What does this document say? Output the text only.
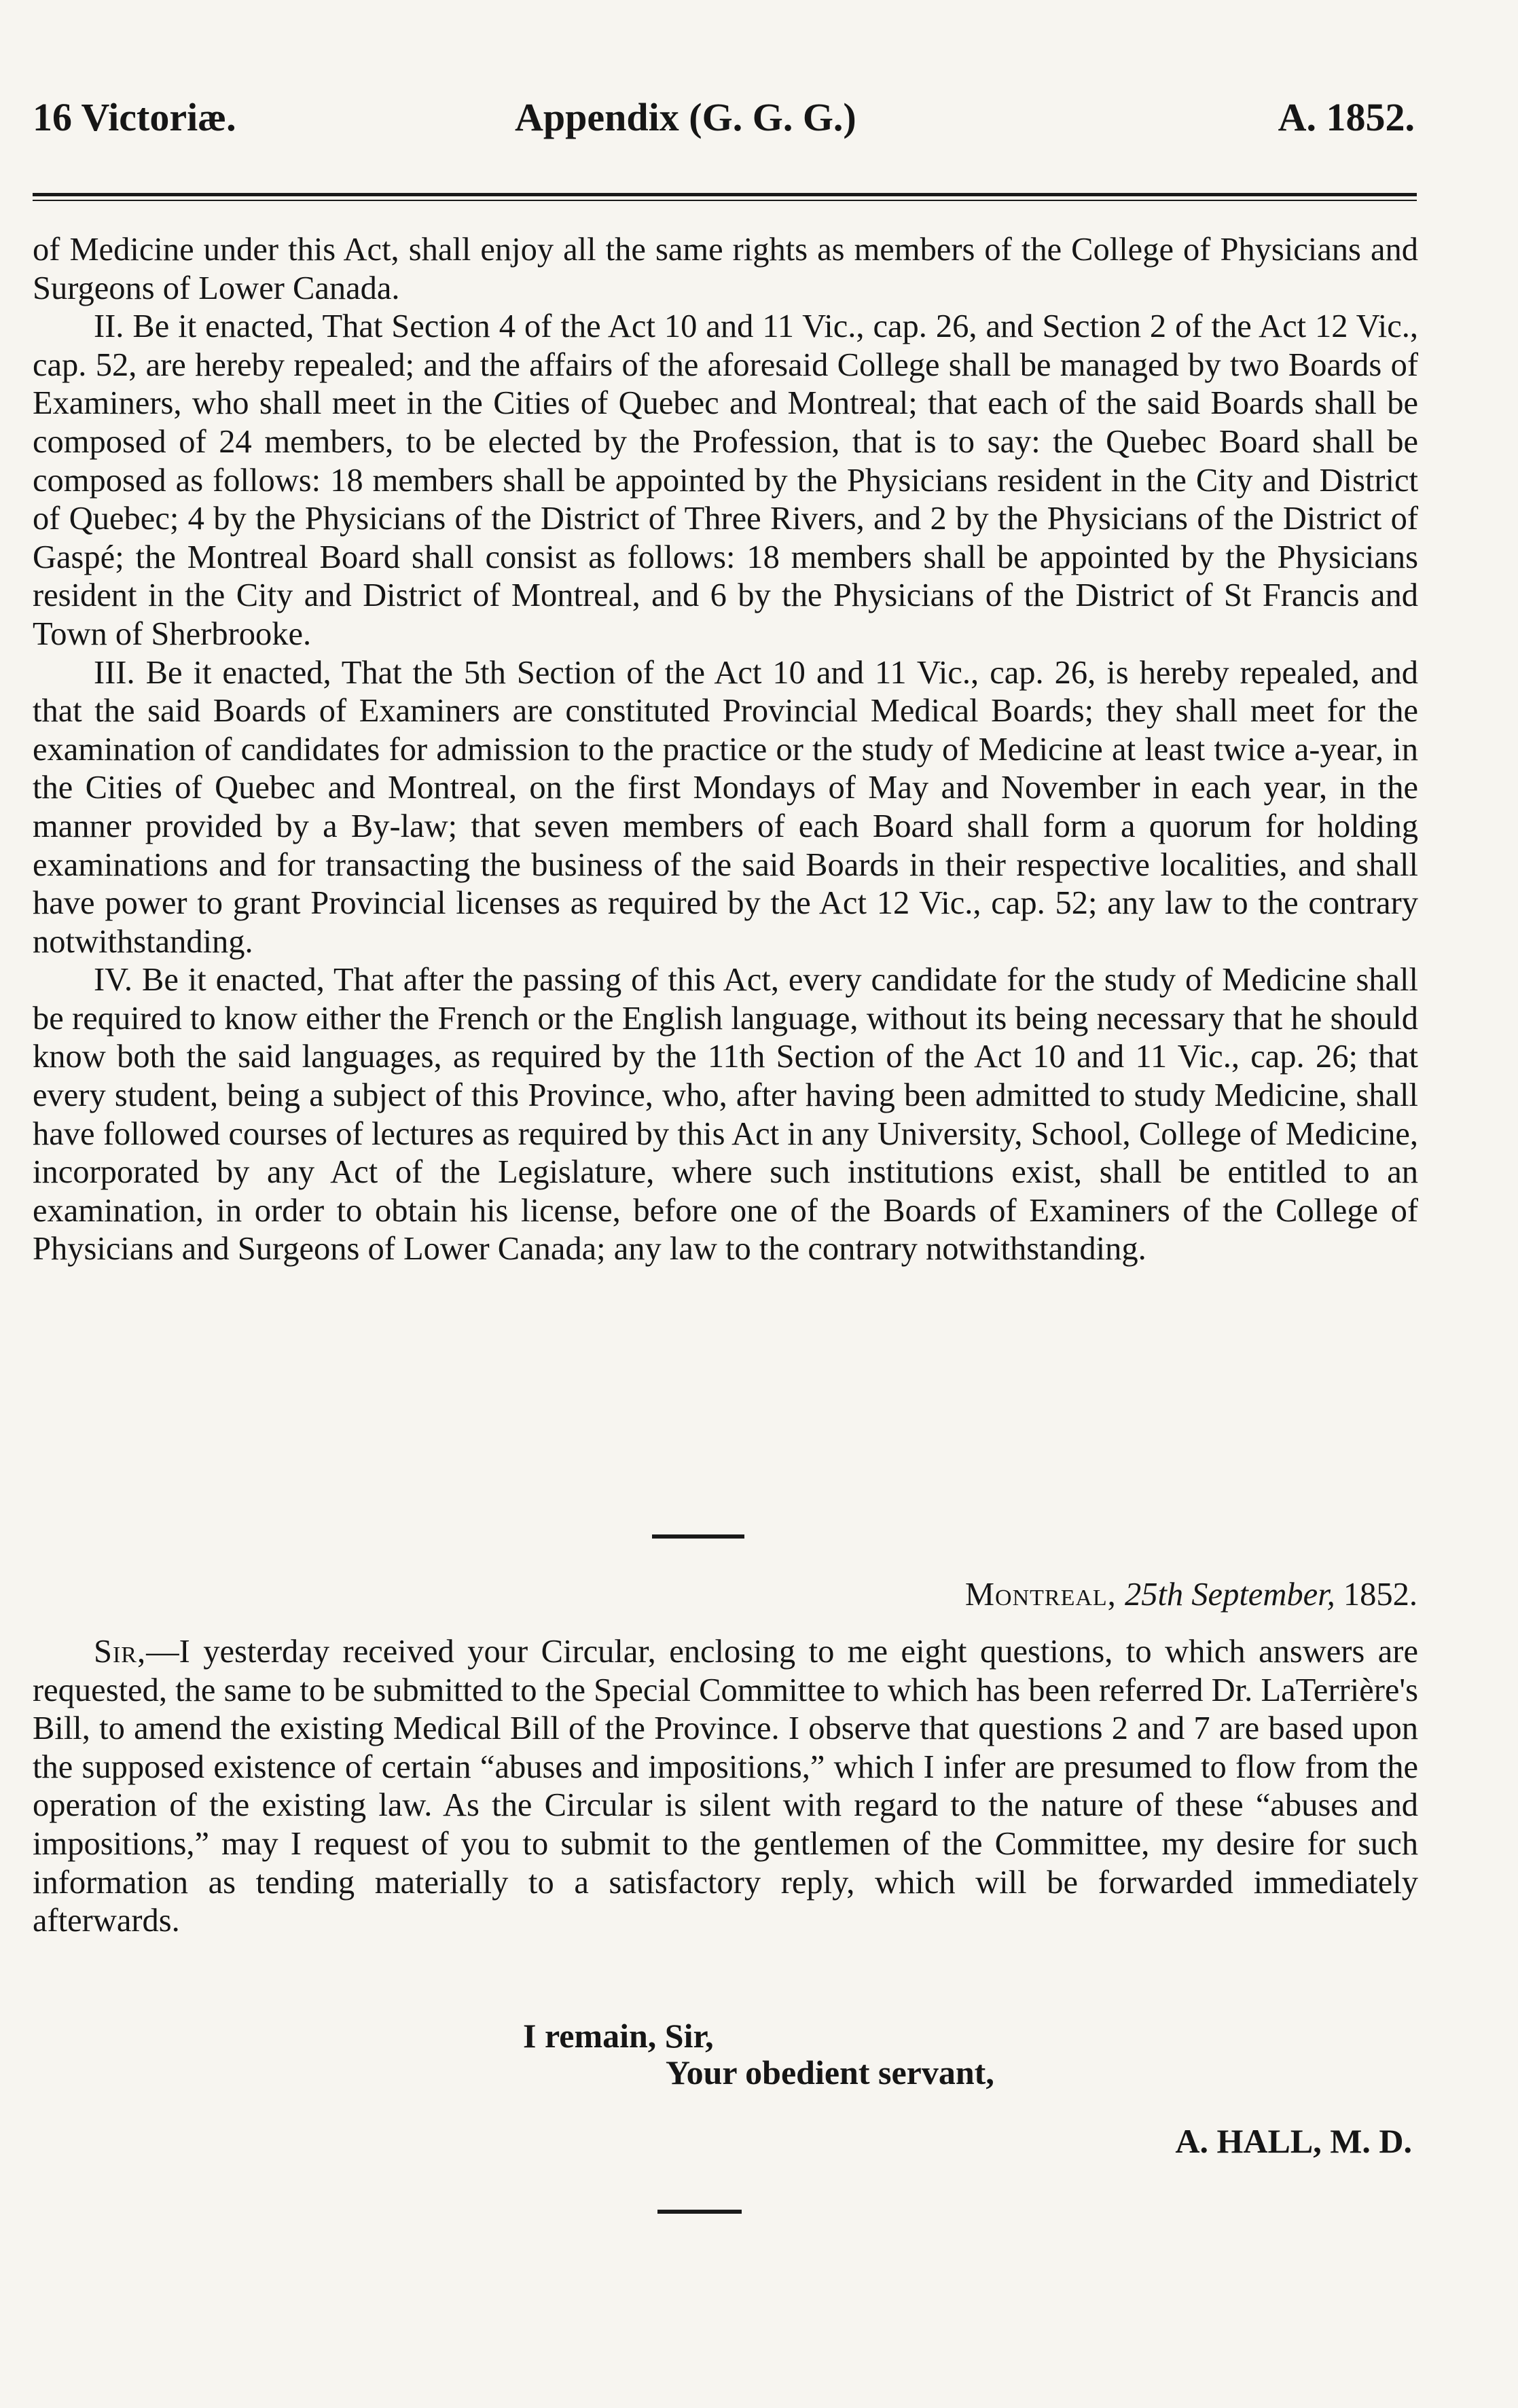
16 Victoriæ.	Appendix (G. G. G.)	A. 1852.

of Medicine under this Act, shall enjoy all the same rights as members of the College of Physicians and Surgeons of Lower Canada.

II. Be it enacted, That Section 4 of the Act 10 and 11 Vic., cap. 26, and Section 2 of the Act 12 Vic., cap. 52, are hereby repealed; and the affairs of the aforesaid College shall be managed by two Boards of Examiners, who shall meet in the Cities of Quebec and Montreal; that each of the said Boards shall be composed of 24 members, to be elected by the Profession, that is to say: the Quebec Board shall be composed as follows: 18 members shall be appointed by the Physicians resident in the City and District of Quebec; 4 by the Physicians of the District of Three Rivers, and 2 by the Physicians of the District of Gaspé; the Montreal Board shall consist as follows: 18 members shall be appointed by the Physicians resident in the City and District of Montreal, and 6 by the Physicians of the District of St Francis and Town of Sherbrooke.

III. Be it enacted, That the 5th Section of the Act 10 and 11 Vic., cap. 26, is hereby repealed, and that the said Boards of Examiners are constituted Provincial Medical Boards; they shall meet for the examination of candidates for admission to the practice or the study of Medicine at least twice a-year, in the Cities of Quebec and Montreal, on the first Mondays of May and November in each year, in the manner provided by a By-law; that seven members of each Board shall form a quorum for holding examinations and for transacting the business of the said Boards in their respective localities, and shall have power to grant Provincial licenses as required by the Act 12 Vic., cap. 52; any law to the contrary notwithstanding.

IV. Be it enacted, That after the passing of this Act, every candidate for the study of Medicine shall be required to know either the French or the English language, without its being necessary that he should know both the said languages, as required by the 11th Section of the Act 10 and 11 Vic., cap. 26; that every student, being a subject of this Province, who, after having been admitted to study Medicine, shall have followed courses of lectures as required by this Act in any University, School, College of Medicine, incorporated by any Act of the Legislature, where such institutions exist, shall be entitled to an examination, in order to obtain his license, before one of the Boards of Examiners of the College of Physicians and Surgeons of Lower Canada; any law to the contrary notwithstanding.

Montreal, 25th September, 1852.

Sir,—I yesterday received your Circular, enclosing to me eight questions, to which answers are requested, the same to be submitted to the Special Committee to which has been referred Dr. LaTerrière's Bill, to amend the existing Medical Bill of the Province. I observe that questions 2 and 7 are based upon the supposed existence of certain “abuses and impositions,” which I infer are presumed to flow from the operation of the existing law. As the Circular is silent with regard to the nature of these “abuses and impositions,” may I request of you to submit to the gentlemen of the Committee, my desire for such information as tending materially to a satisfactory reply, which will be forwarded immediately afterwards.

I remain, Sir,
Your obedient servant,
A. HALL, M. D.
